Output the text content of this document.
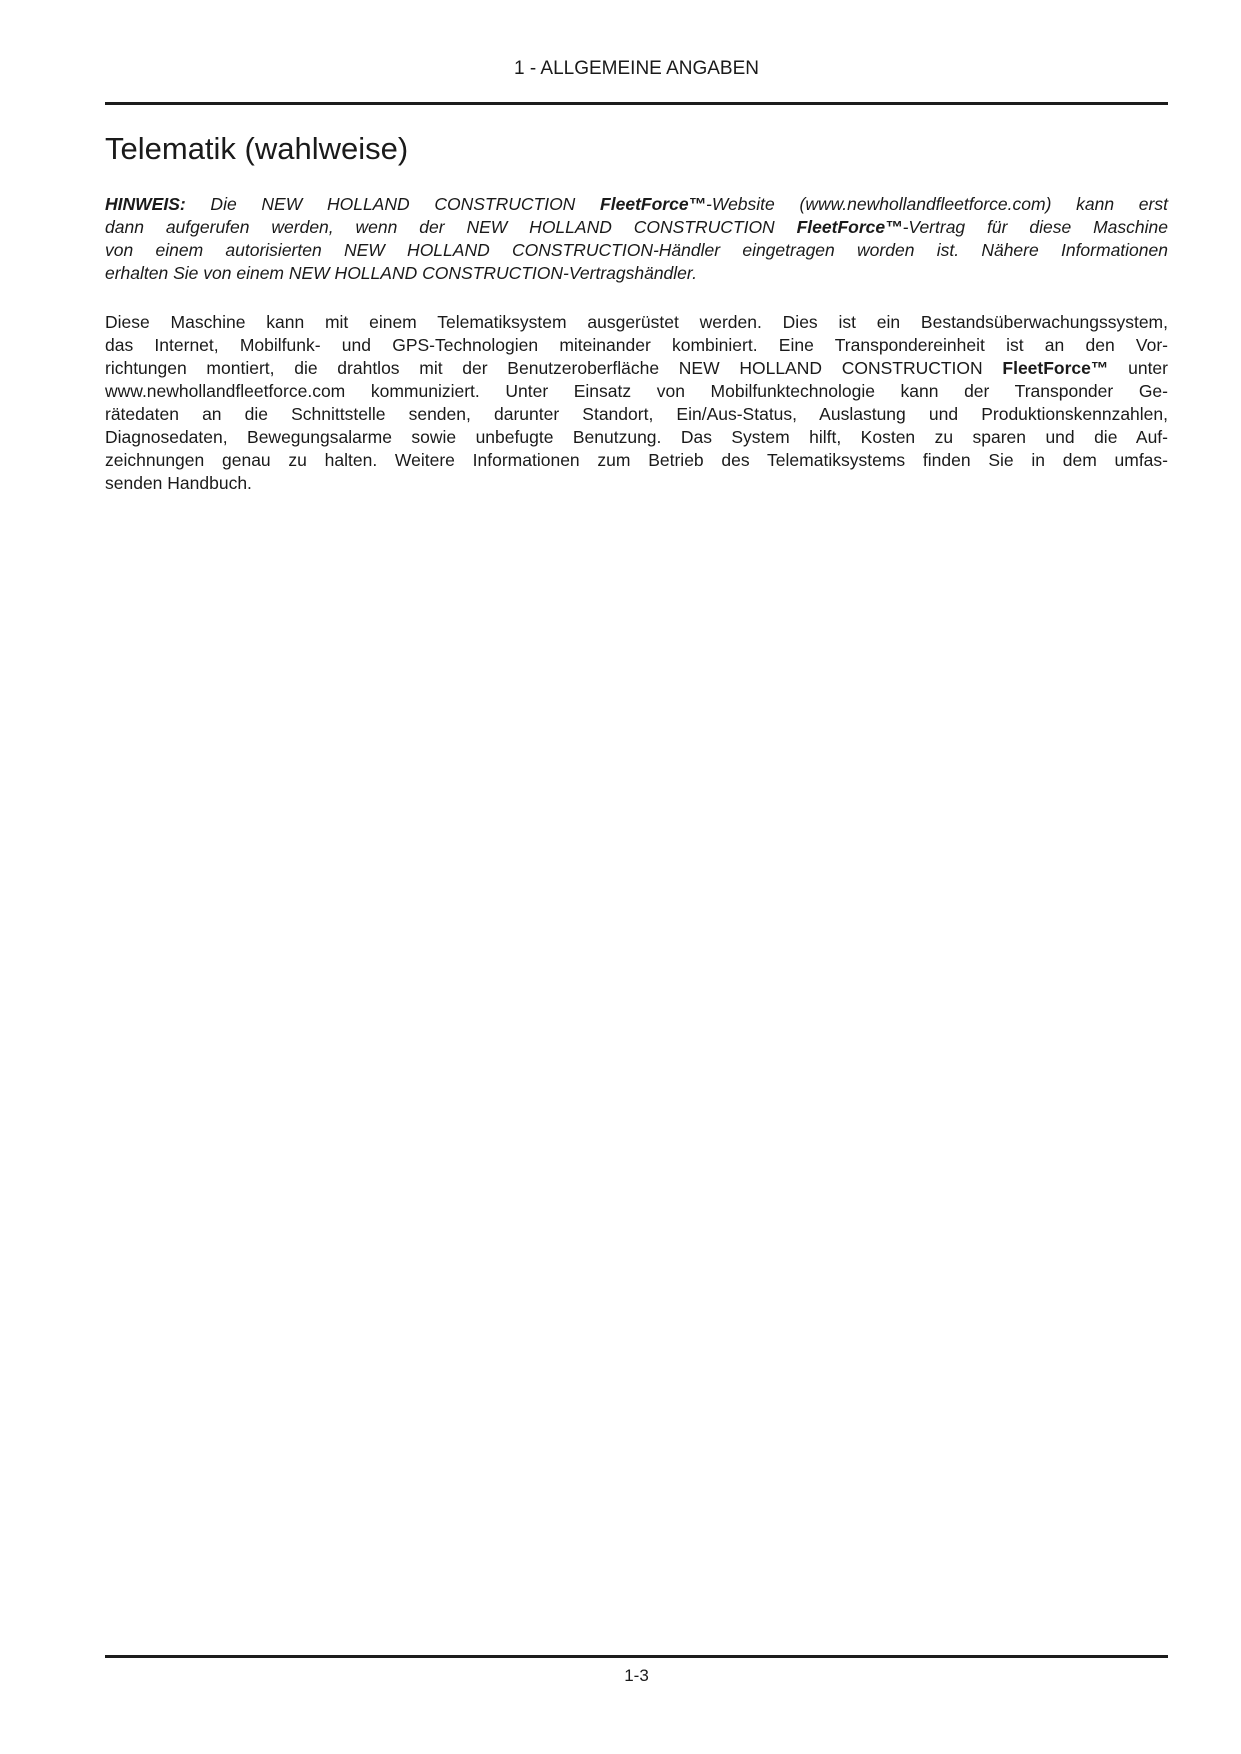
1 - ALLGEMEINE ANGABEN
Telematik (wahlweise)
HINWEIS: Die NEW HOLLAND CONSTRUCTION FleetForce™-Website (www.newhollandfleetforce.com) kann erst
dann aufgerufen werden, wenn der NEW HOLLAND CONSTRUCTION FleetForce™-Vertrag für diese Maschine
von einem autorisierten NEW HOLLAND CONSTRUCTION-Händler eingetragen worden ist. Nähere Informationen
erhalten Sie von einem NEW HOLLAND CONSTRUCTION-Vertragshändler.
Diese Maschine kann mit einem Telematiksystem ausgerüstet werden. Dies ist ein Bestandsüberwachungssystem,
das Internet, Mobilfunk- und GPS-Technologien miteinander kombiniert. Eine Transpondereinheit ist an den Vor-
richtungen montiert, die drahtlos mit der Benutzeroberfläche NEW HOLLAND CONSTRUCTION FleetForce™ unter
www.newhollandfleetforce.com kommuniziert. Unter Einsatz von Mobilfunktechnologie kann der Transponder Ge-
rätedaten an die Schnittstelle senden, darunter Standort, Ein/Aus-Status, Auslastung und Produktionskennzahlen,
Diagnosedaten, Bewegungsalarme sowie unbefugte Benutzung. Das System hilft, Kosten zu sparen und die Auf-
zeichnungen genau zu halten. Weitere Informationen zum Betrieb des Telematiksystems finden Sie in dem umfas-
senden Handbuch.
1-3
